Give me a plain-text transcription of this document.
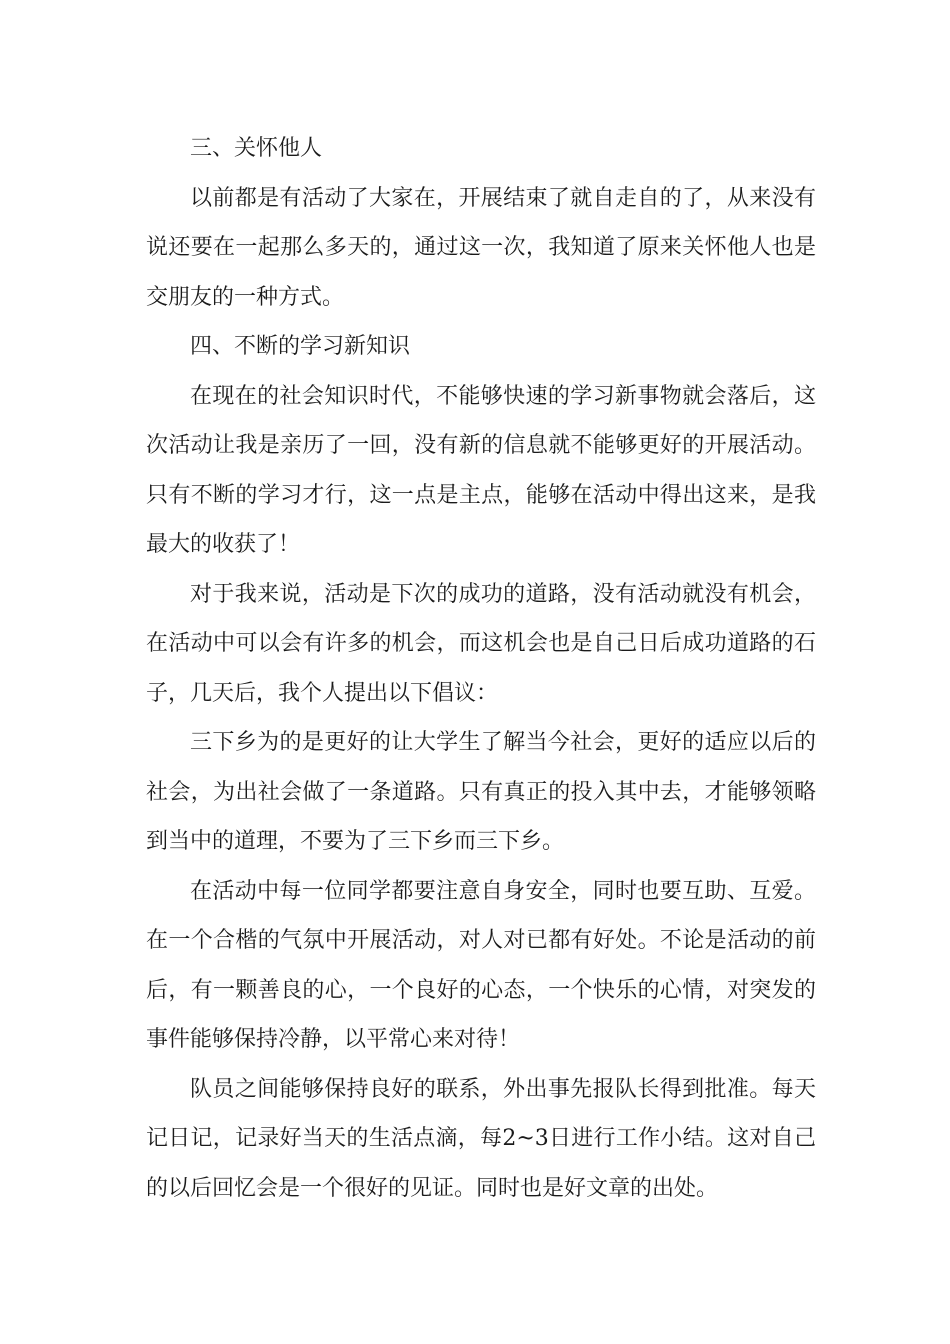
三、关怀他人

以前都是有活动了大家在，开展结束了就自走自的了，从来没有说还要在一起那么多天的，通过这一次，我知道了原来关怀他人也是交朋友的一种方式。

四、不断的学习新知识

在现在的社会知识时代，不能够快速的学习新事物就会落后，这次活动让我是亲历了一回，没有新的信息就不能够更好的开展活动。只有不断的学习才行，这一点是主点，能够在活动中得出这来，是我最大的收获了！

对于我来说，活动是下次的成功的道路，没有活动就没有机会，在活动中可以会有许多的机会，而这机会也是自己日后成功道路的石子，几天后，我个人提出以下倡议：

三下乡为的是更好的让大学生了解当今社会，更好的适应以后的社会，为出社会做了一条道路。只有真正的投入其中去，才能够领略到当中的道理，不要为了三下乡而三下乡。

在活动中每一位同学都要注意自身安全，同时也要互助、互爱。在一个合楷的气氛中开展活动，对人对已都有好处。不论是活动的前后，有一颗善良的心，一个良好的心态，一个快乐的心情，对突发的事件能够保持冷静，以平常心来对待！

队员之间能够保持良好的联系，外出事先报队长得到批准。每天记日记，记录好当天的生活点滴，每2~3日进行工作小结。这对自己的以后回忆会是一个很好的见证。同时也是好文章的出处。
